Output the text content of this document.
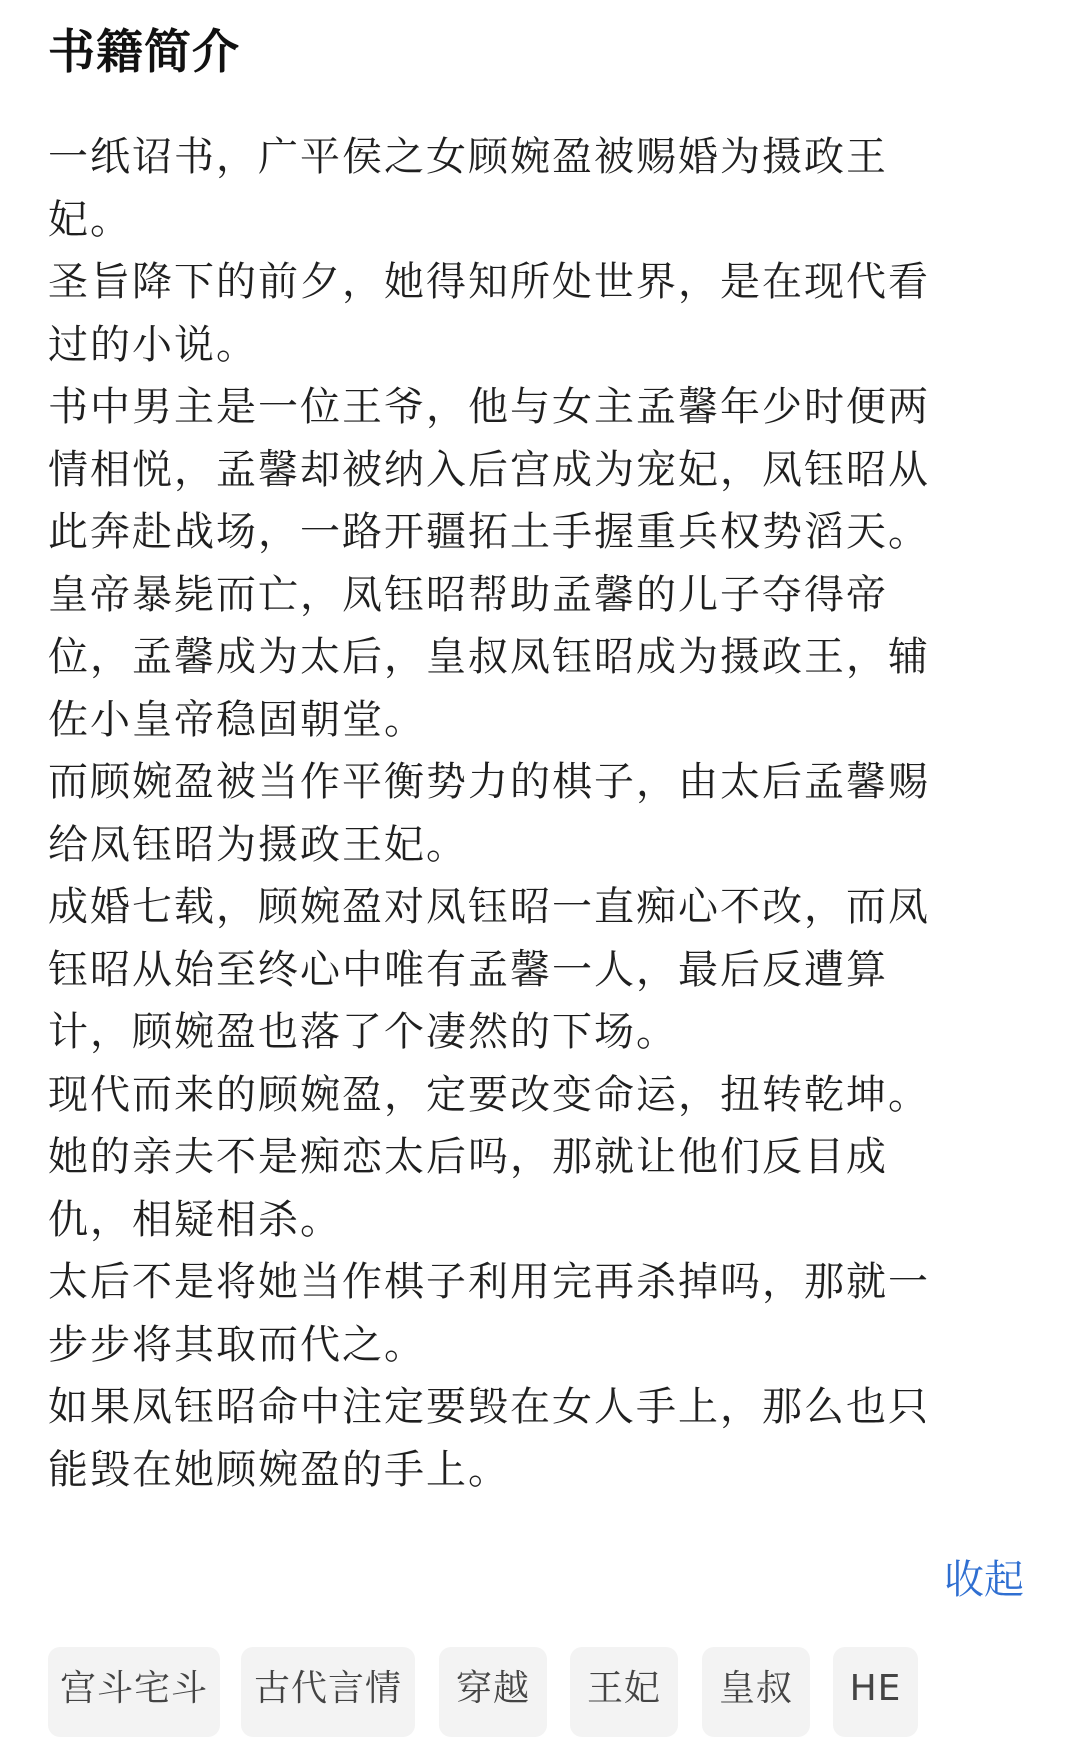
书籍简介
一纸诏书，广平侯之女顾婉盈被赐婚为摄政王
妃。
圣旨降下的前夕，她得知所处世界，是在现代看
过的小说。
书中男主是一位王爷，他与女主孟馨年少时便两
情相悦，孟馨却被纳入后宫成为宠妃，凤钰昭从
此奔赴战场，一路开疆拓土手握重兵权势滔天。
皇帝暴毙而亡，凤钰昭帮助孟馨的儿子夺得帝
位，孟馨成为太后，皇叔凤钰昭成为摄政王，辅
佐小皇帝稳固朝堂。
而顾婉盈被当作平衡势力的棋子，由太后孟馨赐
给凤钰昭为摄政王妃。
成婚七载，顾婉盈对凤钰昭一直痴心不改，而凤
钰昭从始至终心中唯有孟馨一人，最后反遭算
计，顾婉盈也落了个凄然的下场。
现代而来的顾婉盈，定要改变命运，扭转乾坤。
她的亲夫不是痴恋太后吗，那就让他们反目成
仇，相疑相杀。
太后不是将她当作棋子利用完再杀掉吗，那就一
步步将其取而代之。
如果凤钰昭命中注定要毁在女人手上，那么也只
能毁在她顾婉盈的手上。
收起
宫斗宅斗	古代言情	穿越	王妃	皇叔	HE
